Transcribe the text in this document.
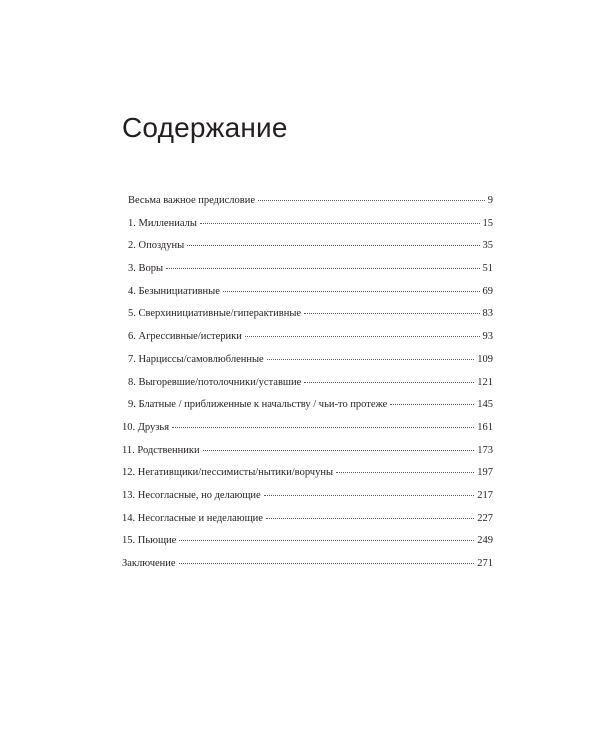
Содержание
Весьма важное предисловие	9
1. Миллениалы	15
2. Опоздуны	35
3. Воры	51
4. Безынициативные	69
5. Сверхинициативные/гиперактивные	83
6. Агрессивные/истерики	93
7. Нарциссы/самовлюбленные	109
8. Выгоревшие/потолочники/уставшие	121
9. Блатные / приближенные к начальству / чьи-то протеже	145
10. Друзья	161
11. Родственники	173
12. Негативщики/пессимисты/нытики/ворчуны	197
13. Несогласные, но делающие	217
14. Несогласные и неделающие	227
15. Пьющие	249
Заключение	271
